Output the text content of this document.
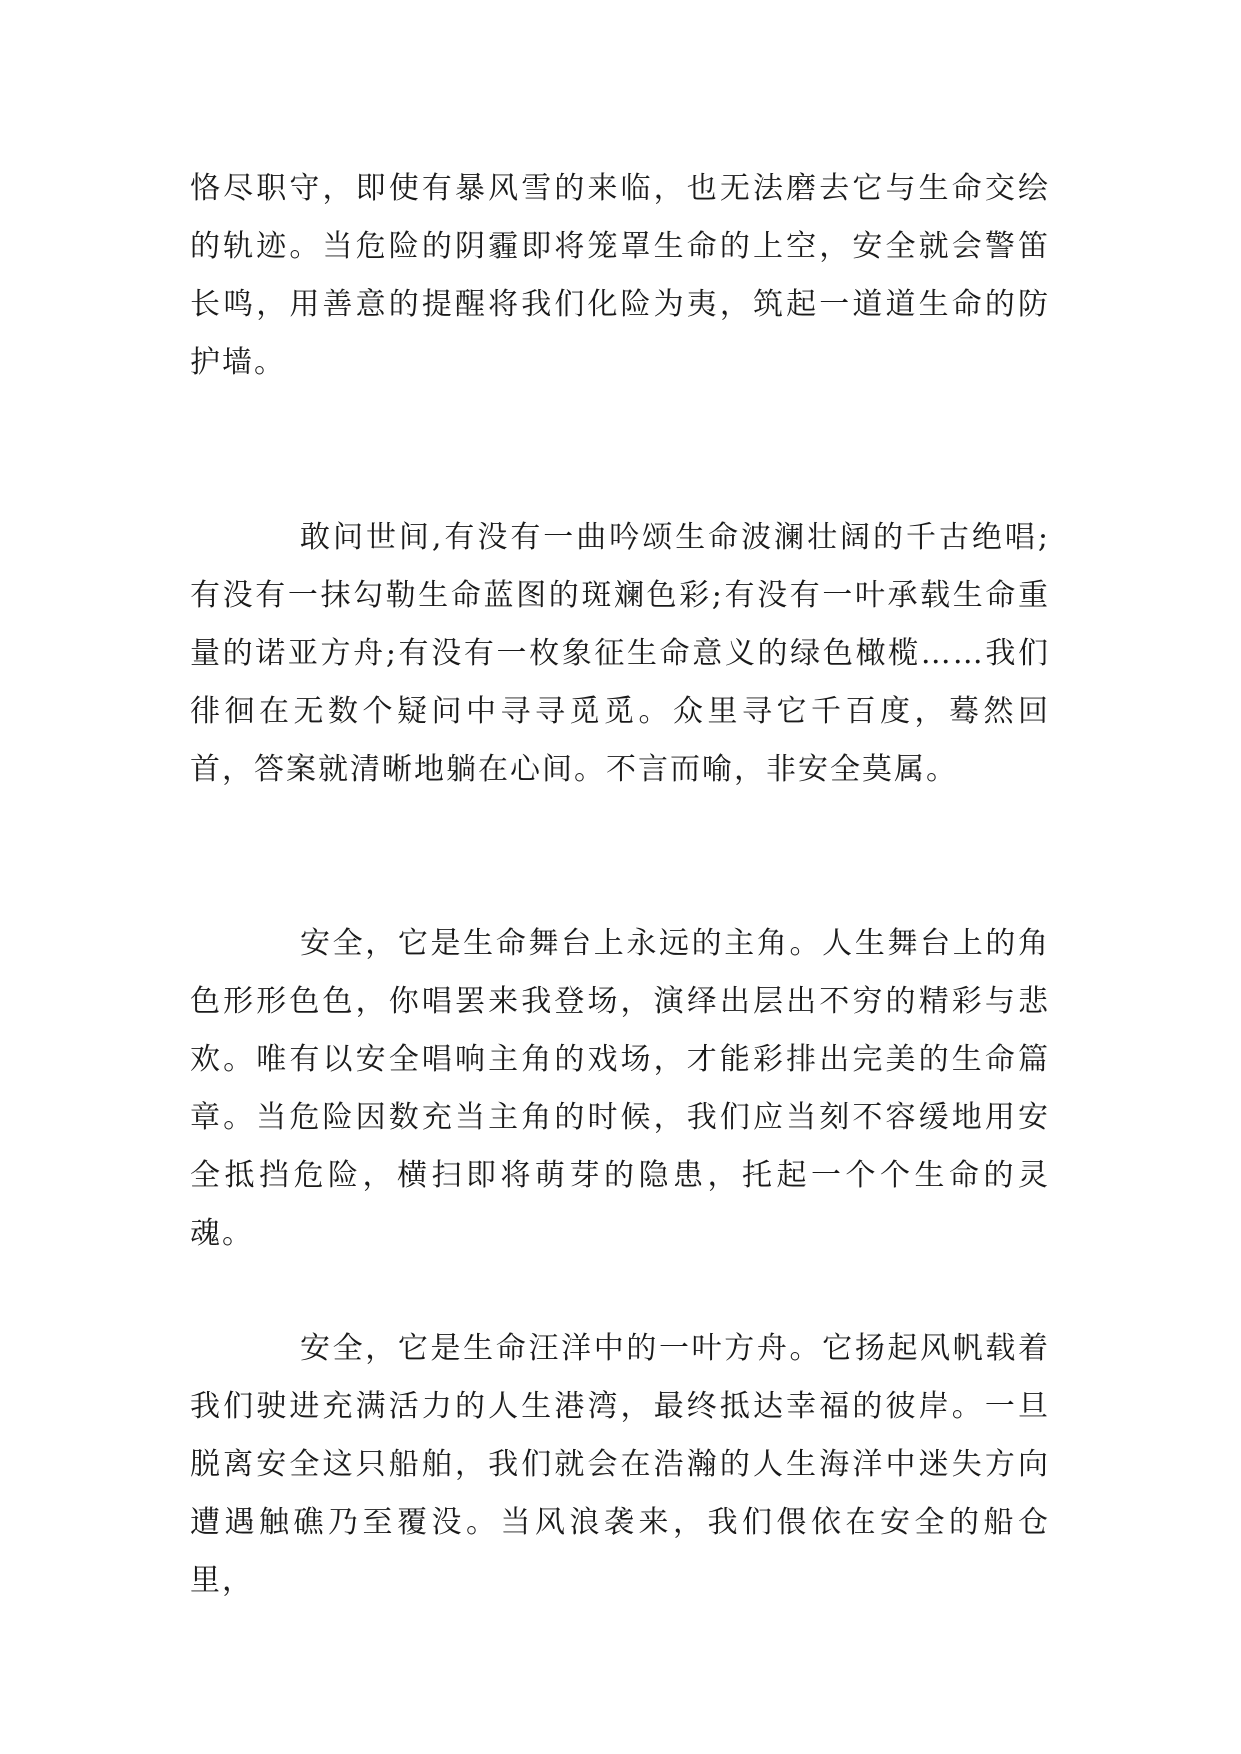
恪尽职守，即使有暴风雪的来临，也无法磨去它与生命交绘的轨迹。当危险的阴霾即将笼罩生命的上空，安全就会警笛长鸣，用善意的提醒将我们化险为夷，筑起一道道生命的防护墙。

敢问世间,有没有一曲吟颂生命波澜壮阔的千古绝唱;有没有一抹勾勒生命蓝图的斑斓色彩;有没有一叶承载生命重量的诺亚方舟;有没有一枚象征生命意义的绿色橄榄……我们徘徊在无数个疑问中寻寻觅觅。众里寻它千百度，蓦然回首，答案就清晰地躺在心间。不言而喻，非安全莫属。

安全，它是生命舞台上永远的主角。人生舞台上的角色形形色色，你唱罢来我登场，演绎出层出不穷的精彩与悲欢。唯有以安全唱响主角的戏场，才能彩排出完美的生命篇章。当危险因数充当主角的时候，我们应当刻不容缓地用安全抵挡危险，横扫即将萌芽的隐患，托起一个个生命的灵魂。

安全，它是生命汪洋中的一叶方舟。它扬起风帆载着我们驶进充满活力的人生港湾，最终抵达幸福的彼岸。一旦脱离安全这只船舶，我们就会在浩瀚的人生海洋中迷失方向遭遇触礁乃至覆没。当风浪袭来，我们偎依在安全的船仓里，
